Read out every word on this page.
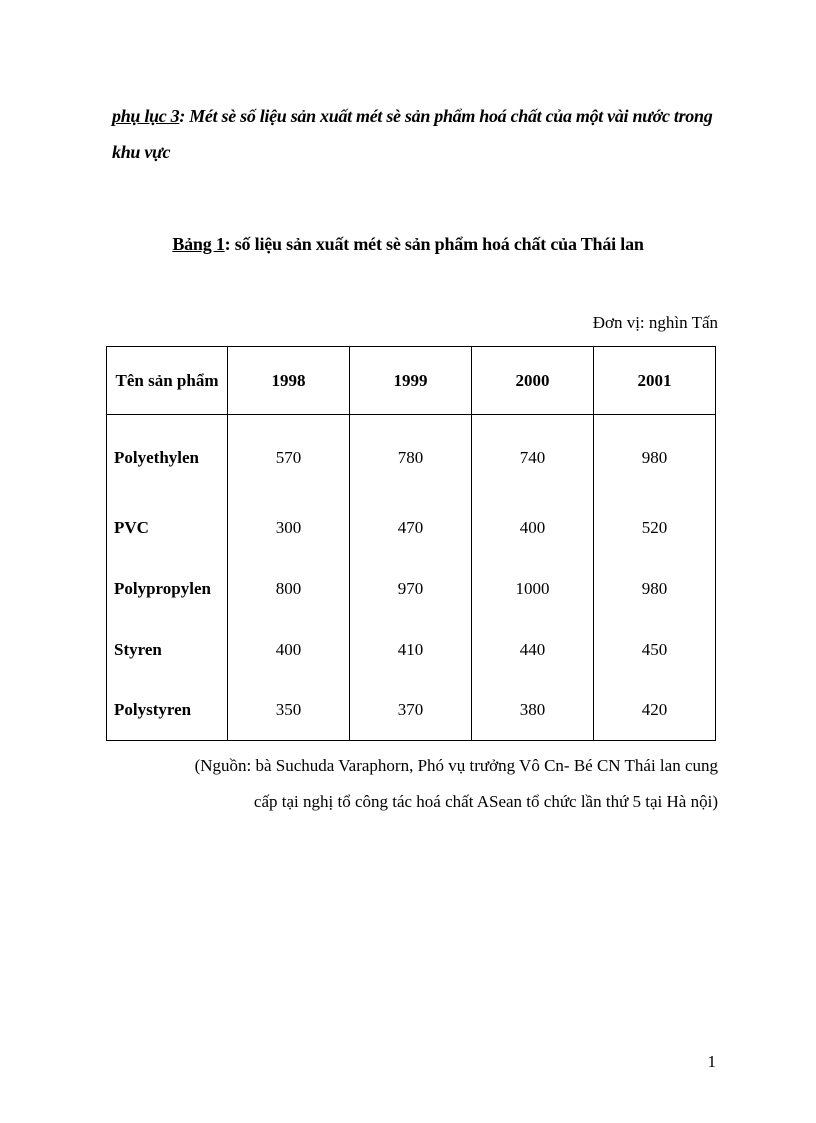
phụ lục 3: Mét sè số liệu sản xuất mét sè sản phẩm hoá chất của một vài nước trong khu vực
Bảng 1: số liệu sản xuất mét sè sản phẩm hoá chất của Thái lan
Đơn vị: nghìn Tấn
Tên sản phẩm	1998	1999	2000	2001
Polyethylen	570	780	740	980
PVC	300	470	400	520
Polypropylen	800	970	1000	980
Styren	400	410	440	450
Polystyren	350	370	380	420
(Nguồn: bà Suchuda Varaphorn, Phó vụ trưởng Vô Cn- Bé CN Thái lan cung
cấp tại nghị tổ công tác hoá chất ASean tổ chức lần thứ 5 tại Hà nội)
1
